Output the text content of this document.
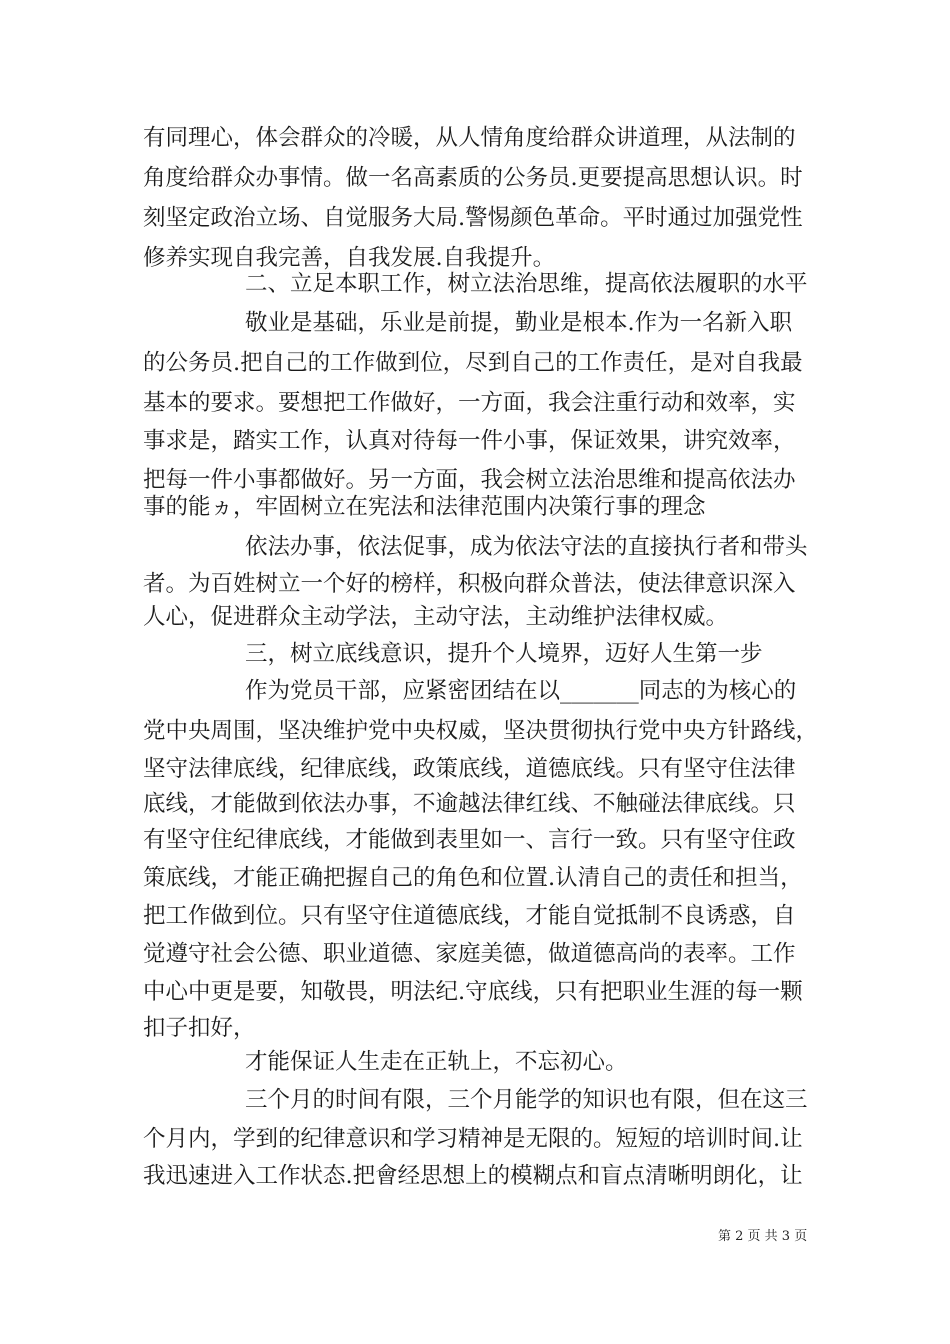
有同理心，体会群众的冷暖，从人情角度给群众讲道理，从法制的
角度给群众办事情。做一名高素质的公务员.更要提高思想认识。时
刻坚定政治立场、自觉服务大局.警惕颜色革命。平时通过加强党性
修养实现自我完善，自我发展.自我提升。
二、立足本职工作，树立法治思维，提高依法履职的水平
敬业是基础，乐业是前提，勤业是根本.作为一名新入职
的公务员.把自己的工作做到位，尽到自己的工作责任，是对自我最
基本的要求。要想把工作做好，一方面，我会注重行动和效率，实
事求是，踏实工作，认真对待每一件小事，保证效果，讲究效率，
把每一件小事都做好。另一方面，我会树立法治思维和提高依法办
事的能ヵ，牢固树立在宪法和法律范围内决策行事的理念
依法办事，依法促事，成为依法守法的直接执行者和带头
者。为百姓树立一个好的榜样，积极向群众普法，使法律意识深入
人心，促进群众主动学法，主动守法，主动维护法律权威。
三，树立底线意识，提升个人境界，迈好人生第一步
作为党员干部，应紧密团结在以_______同志的为核心的
党中央周围，坚决维护党中央权威，坚决贯彻执行党中央方针路线，
坚守法律底线，纪律底线，政策底线，道德底线。只有坚守住法律
底线，才能做到依法办事，不逾越法律红线、不触碰法律底线。只
有坚守住纪律底线，才能做到表里如一、言行一致。只有坚守住政
策底线，才能正确把握自己的角色和位置.认清自己的责任和担当，
把工作做到位。只有坚守住道德底线，才能自觉抵制不良诱惑，自
觉遵守社会公德、职业道德、家庭美德，做道德高尚的表率。工作
中心中更是要，知敬畏，明法纪.守底线，只有把职业生涯的每一颗
扣子扣好，
才能保证人生走在正轨上，不忘初心。
三个月的时间有限，三个月能学的知识也有限，但在这三
个月内，学到的纪律意识和学习精神是无限的。短短的培训时间.让
我迅速进入工作状态.把會经思想上的模糊点和盲点清晰明朗化，让
第 2 页 共 3 页
